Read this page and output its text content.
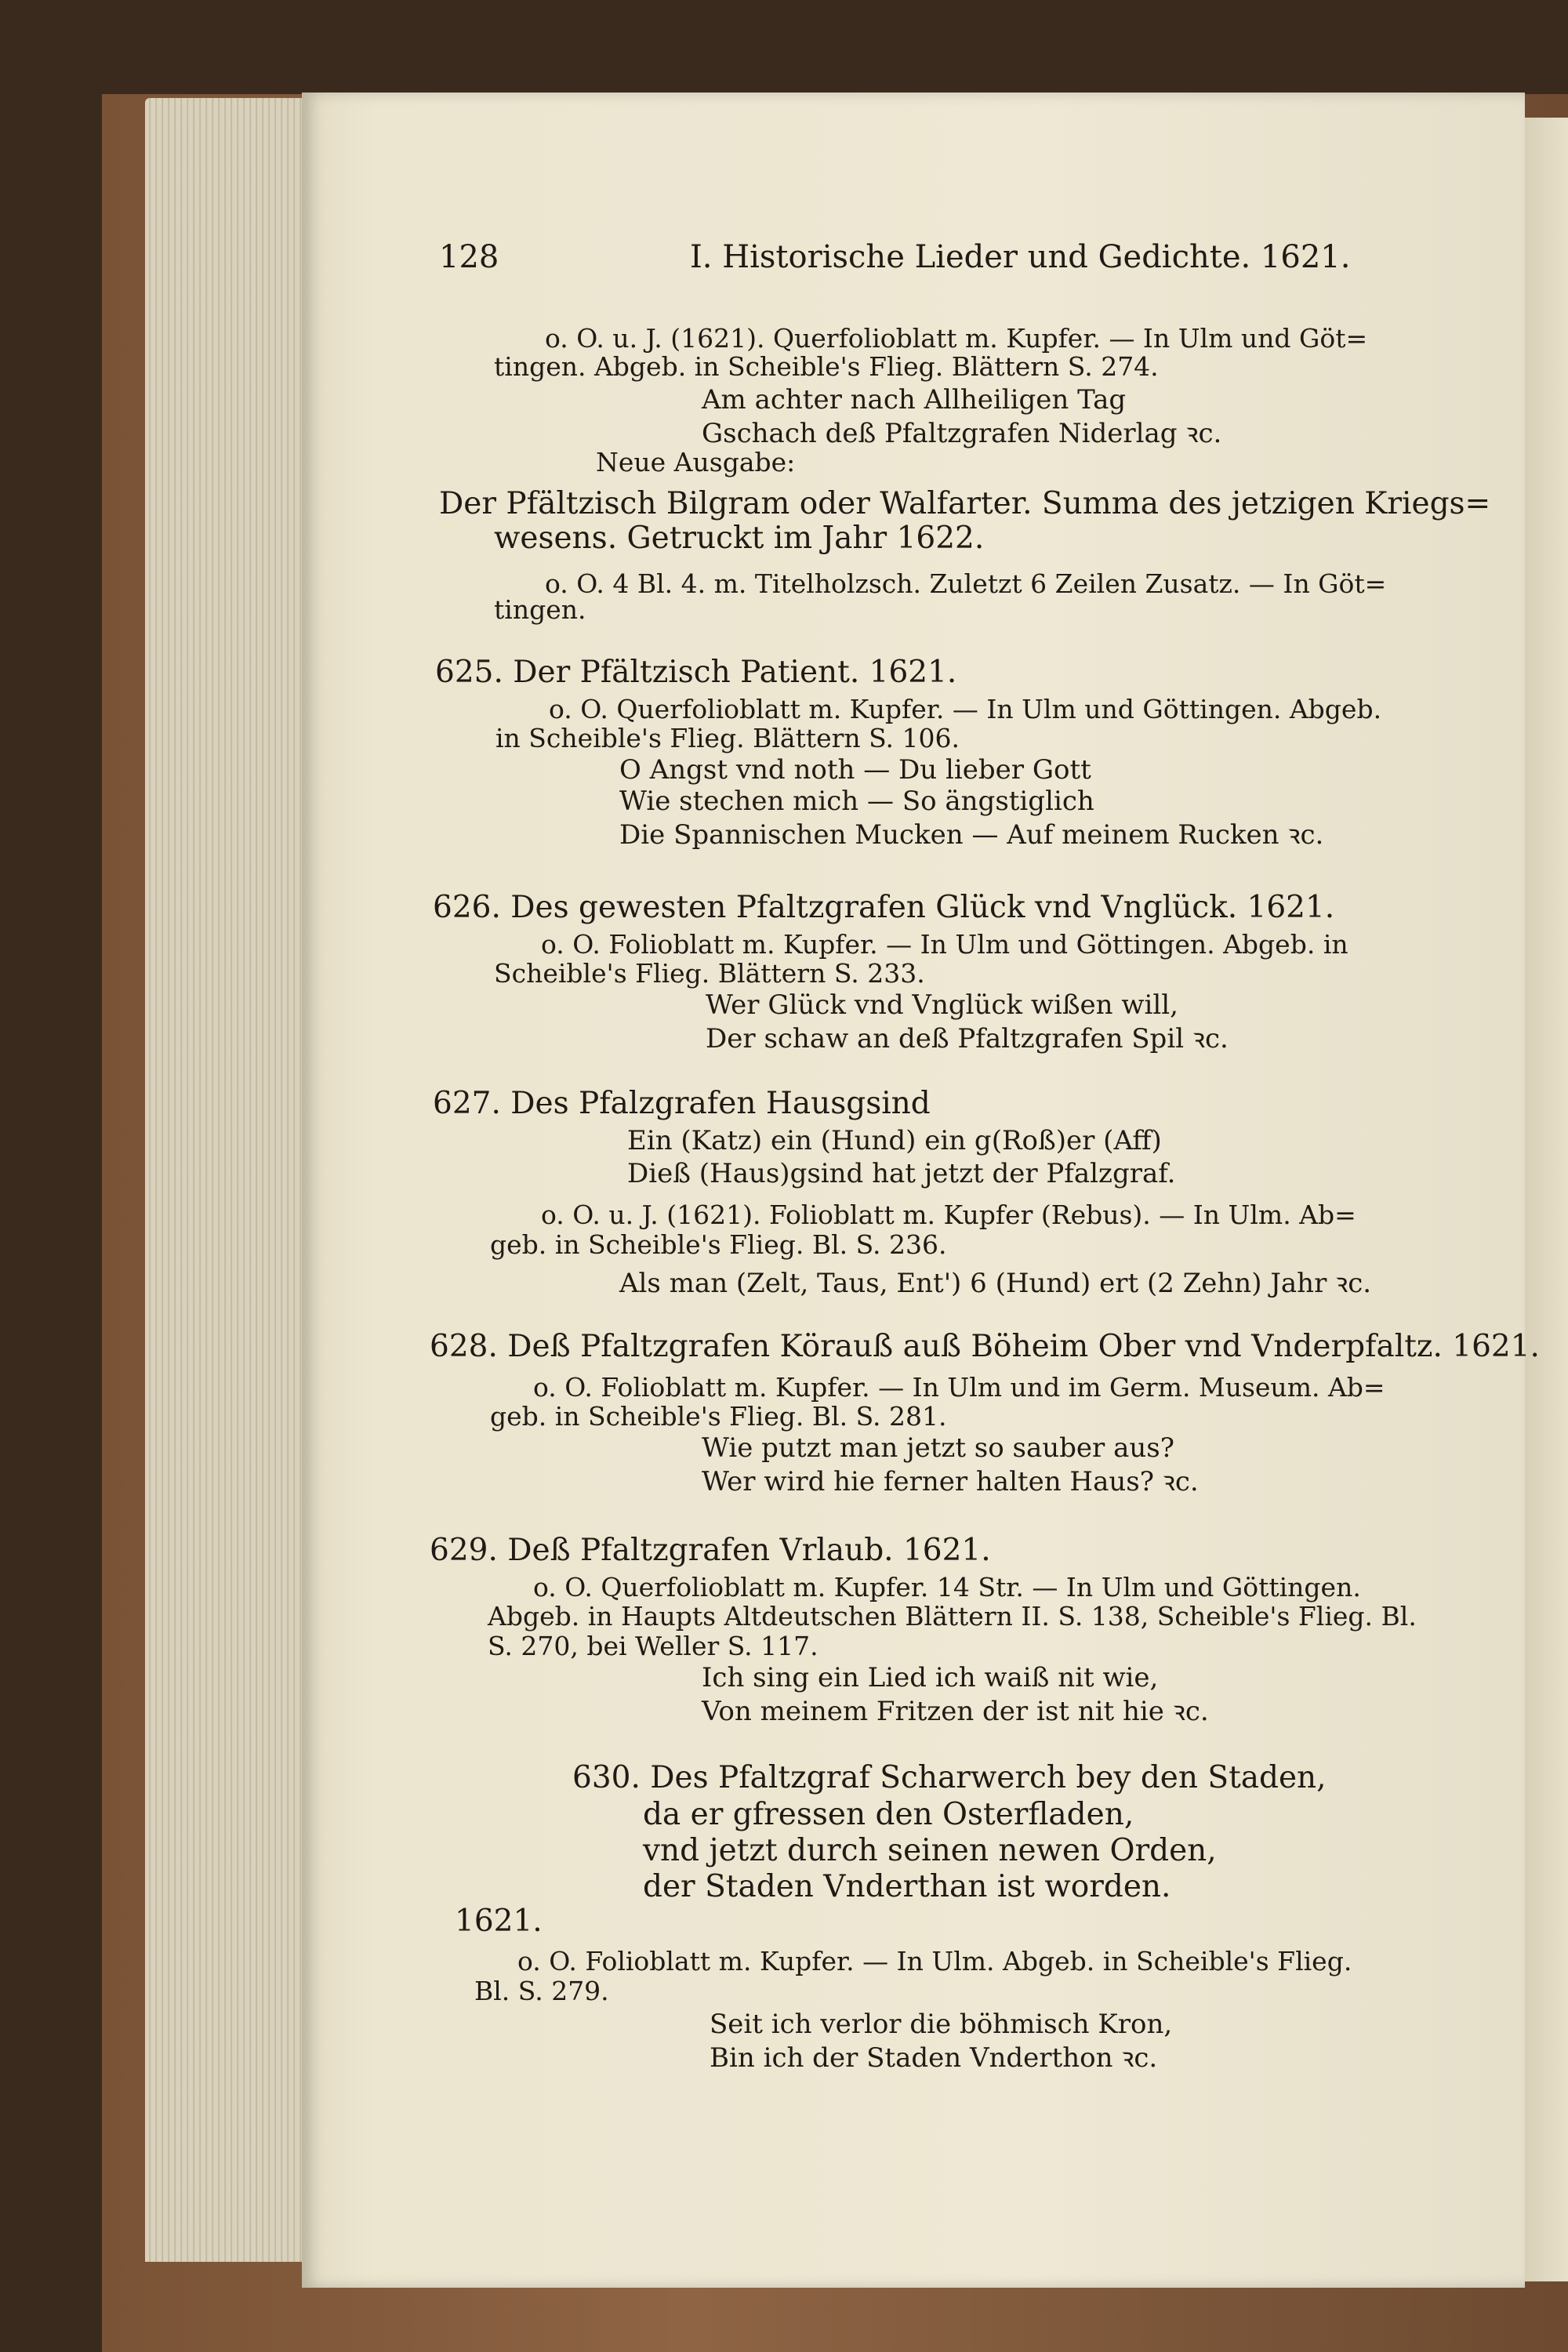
128	I. Historische Lieder und Gedichte. 1621.
o. O. u. J. (1621). Querfolioblatt m. Kupfer. — In Ulm und Göt=
tingen. Abgeb. in Scheible's Flieg. Blättern S. 274.
Am achter nach Allheiligen Tag
Gschach deß Pfaltzgrafen Niderlag ꝛc.
Neue Ausgabe:
Der Pfältzisch Bilgram oder Walfarter. Summa des jetzigen Kriegs=
wesens. Getruckt im Jahr 1622.
o. O. 4 Bl. 4. m. Titelholzsch. Zuletzt 6 Zeilen Zusatz. — In Göt=
tingen.
625. Der Pfältzisch Patient. 1621.
o. O. Querfolioblatt m. Kupfer. — In Ulm und Göttingen. Abgeb.
in Scheible's Flieg. Blättern S. 106.
O Angst vnd noth — Du lieber Gott
Wie stechen mich — So ängstiglich
Die Spannischen Mucken — Auf meinem Rucken ꝛc.
626. Des gewesten Pfaltzgrafen Glück vnd Vnglück. 1621.
o. O. Folioblatt m. Kupfer. — In Ulm und Göttingen. Abgeb. in
Scheible's Flieg. Blättern S. 233.
Wer Glück vnd Vnglück wißen will,
Der schaw an deß Pfaltzgrafen Spil ꝛc.
627. Des Pfalzgrafen Hausgsind
Ein (Katz) ein (Hund) ein g(Roß)er (Aff)
Dieß (Haus)gsind hat jetzt der Pfalzgraf.
o. O. u. J. (1621). Folioblatt m. Kupfer (Rebus). — In Ulm. Ab=
geb. in Scheible's Flieg. Bl. S. 236.
Als man (Zelt, Taus, Ent') 6 (Hund) ert (2 Zehn) Jahr ꝛc.
628. Deß Pfaltzgrafen Körauß auß Böheim Ober vnd Vnderpfaltz. 1621.
o. O. Folioblatt m. Kupfer. — In Ulm und im Germ. Museum. Ab=
geb. in Scheible's Flieg. Bl. S. 281.
Wie putzt man jetzt so sauber aus?
Wer wird hie ferner halten Haus? ꝛc.
629. Deß Pfaltzgrafen Vrlaub. 1621.
o. O. Querfolioblatt m. Kupfer. 14 Str. — In Ulm und Göttingen.
Abgeb. in Haupts Altdeutschen Blättern II. S. 138, Scheible's Flieg. Bl.
S. 270, bei Weller S. 117.
Ich sing ein Lied ich waiß nit wie,
Von meinem Fritzen der ist nit hie ꝛc.
630. Des Pfaltzgraf Scharwerch bey den Staden,
da er gfressen den Osterfladen,
vnd jetzt durch seinen newen Orden,
der Staden Vnderthan ist worden.
1621.
o. O. Folioblatt m. Kupfer. — In Ulm. Abgeb. in Scheible's Flieg.
Bl. S. 279.
Seit ich verlor die böhmisch Kron,
Bin ich der Staden Vnderthon ꝛc.
